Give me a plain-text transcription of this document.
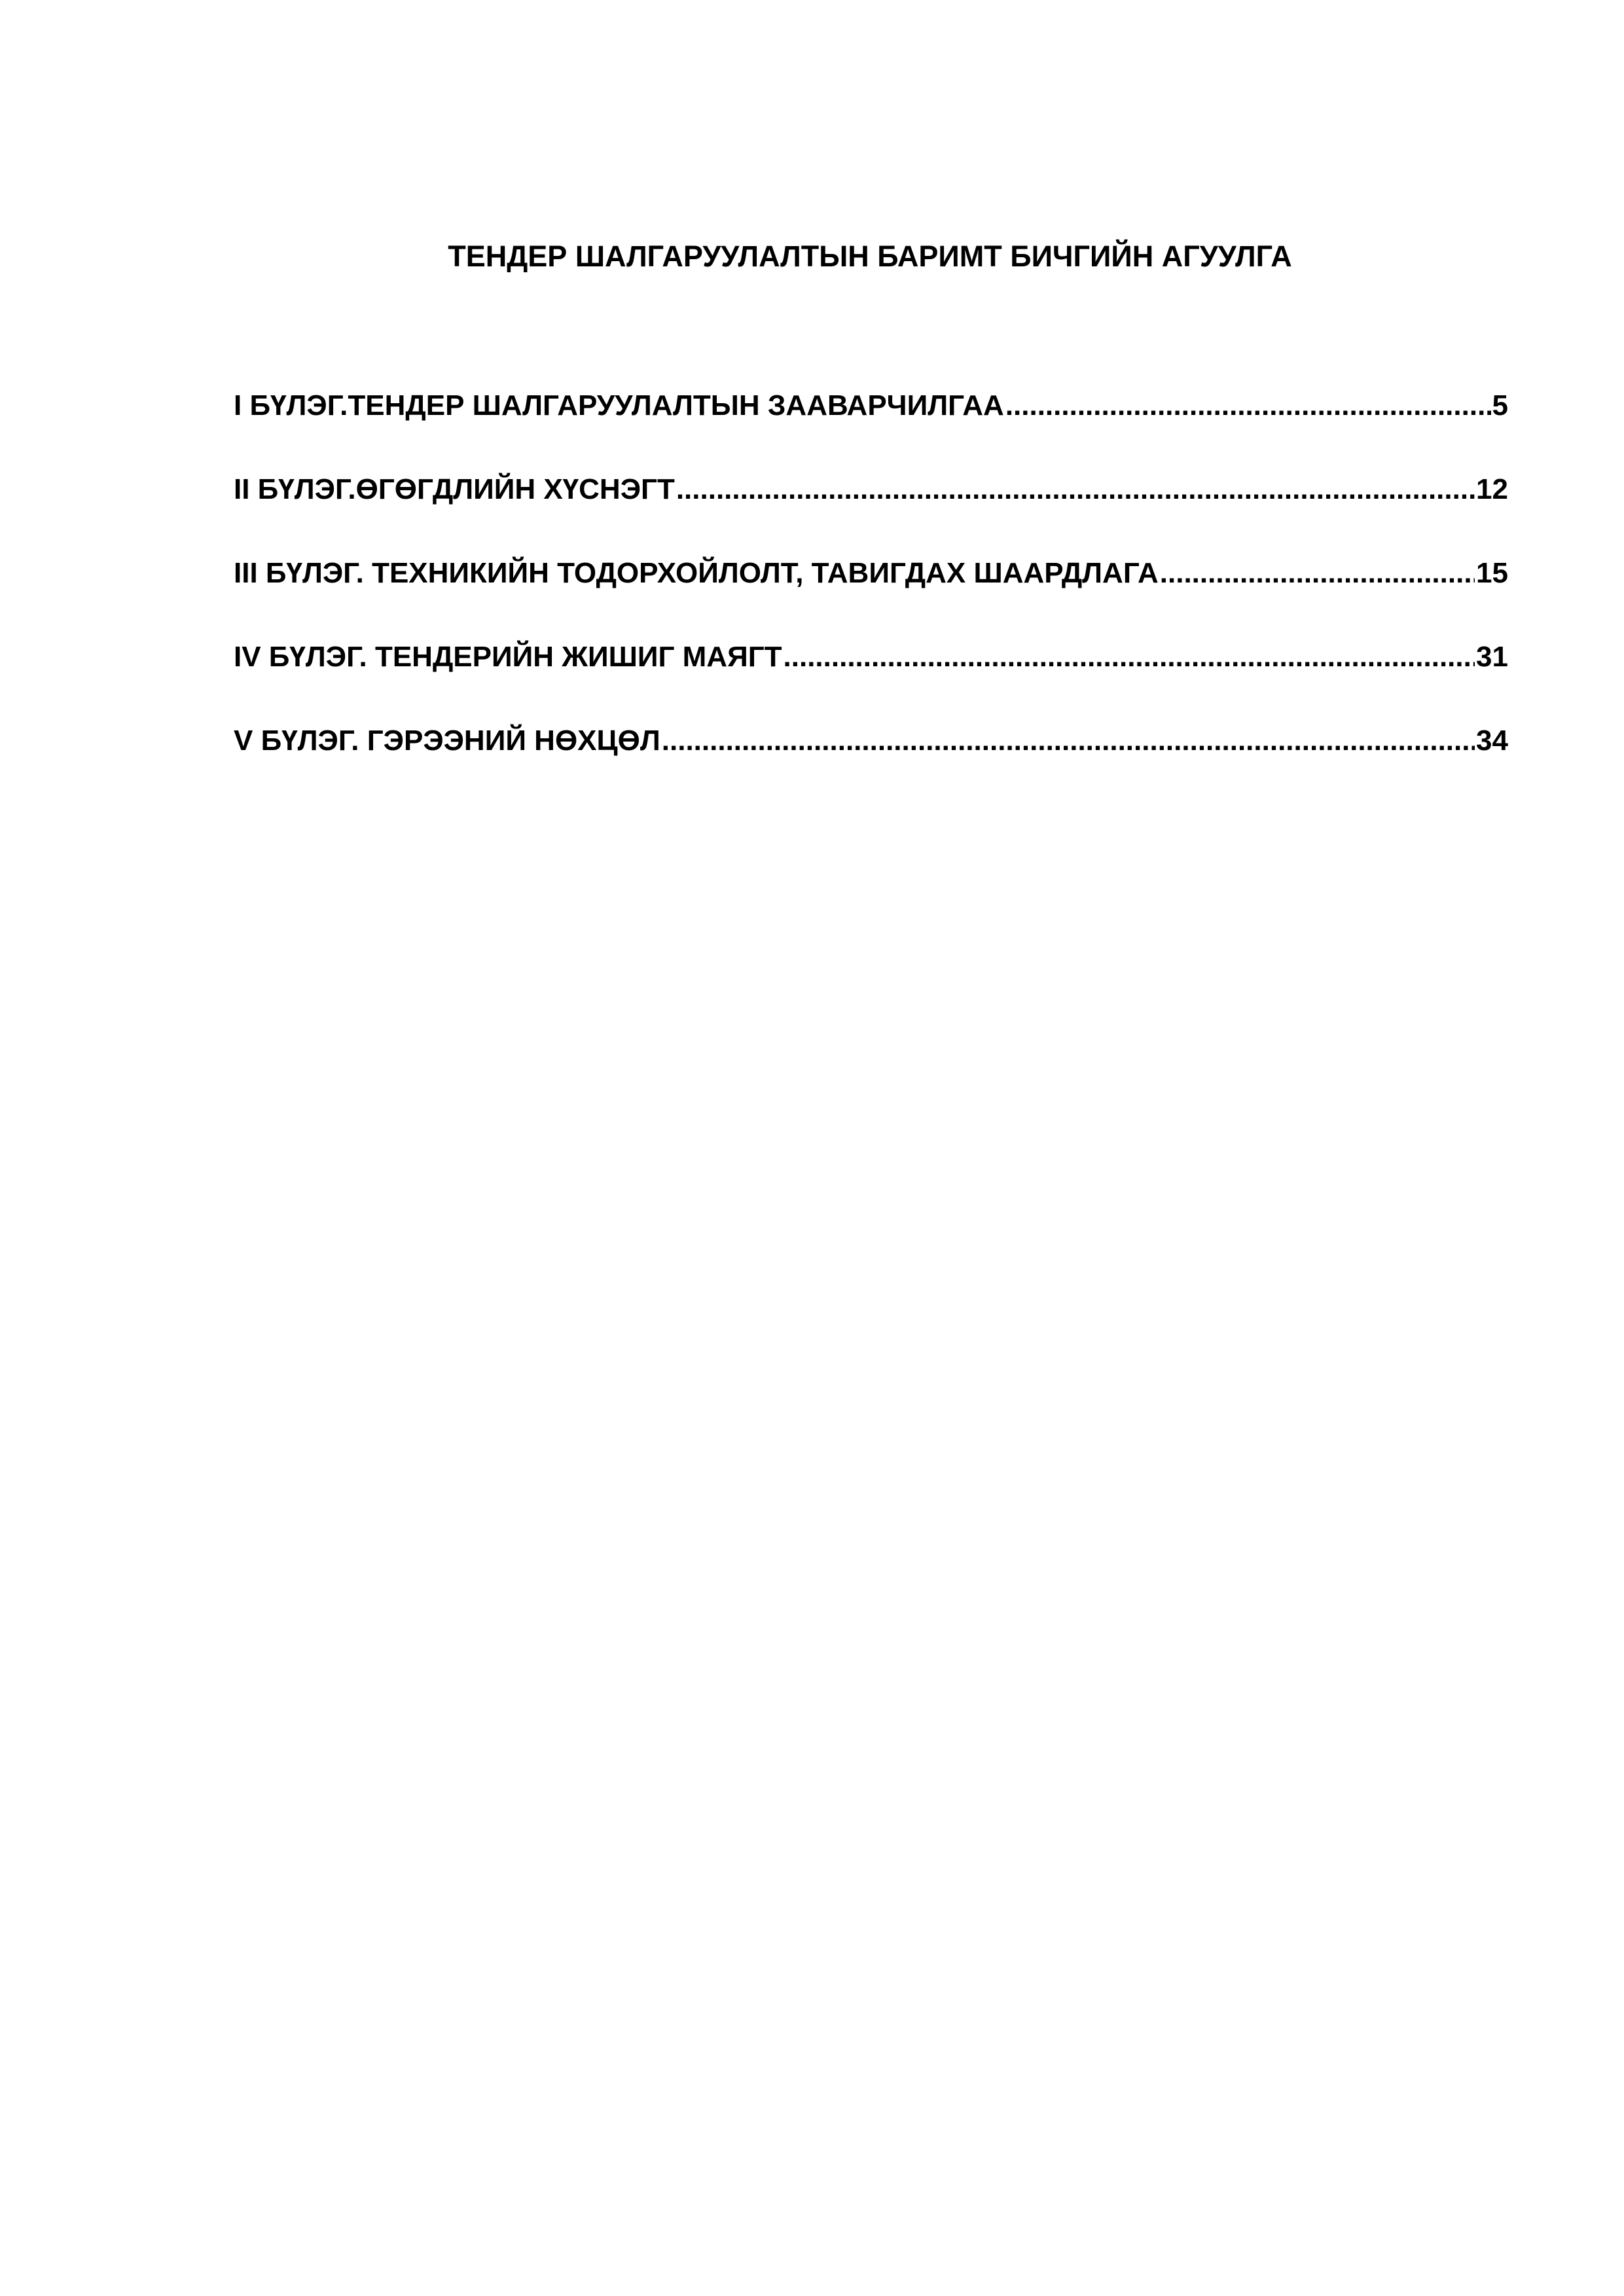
ТЕНДЕР ШАЛГАРУУЛАЛТЫН БАРИМТ БИЧГИЙН АГУУЛГА
I БҮЛЭГ.ТЕНДЕР ШАЛГАРУУЛАЛТЫН ЗААВАРЧИЛГАА .....	5
II БҮЛЭГ.ӨГӨГДЛИЙН ХҮСНЭГТ .....	12
III БҮЛЭГ. ТЕХНИКИЙН ТОДОРХОЙЛОЛТ, ТАВИГДАХ ШААРДЛАГА .....	15
IV БҮЛЭГ. ТЕНДЕРИЙН ЖИШИГ МАЯГТ .....	31
V БҮЛЭГ. ГЭРЭЭНИЙ НӨХЦӨЛ .....	34
